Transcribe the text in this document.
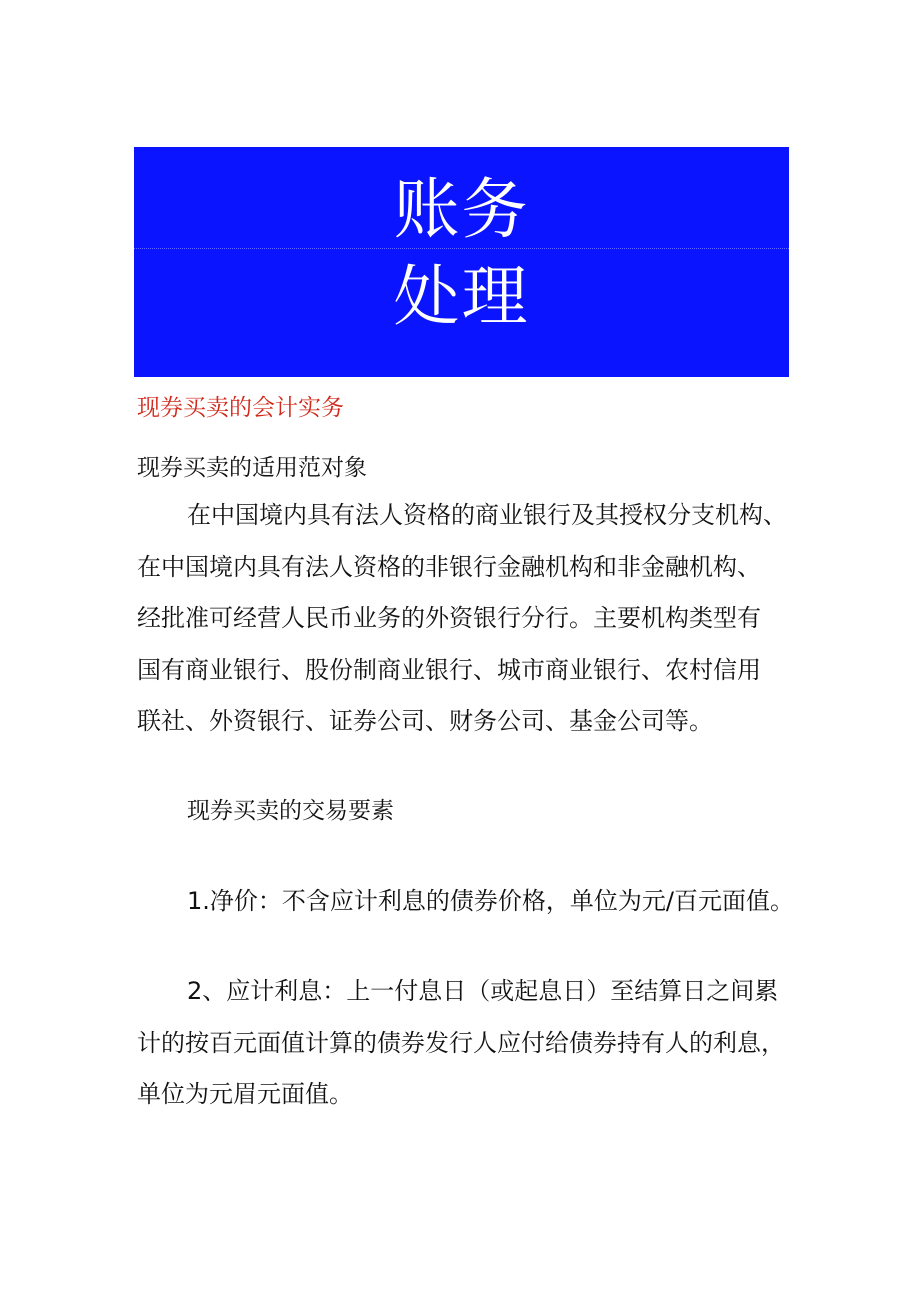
账务
处理
现券买卖的会计实务
现券买卖的适用范对象
在中国境内具有法人资格的商业银行及其授权分支机构、
在中国境内具有法人资格的非银行金融机构和非金融机构、
经批准可经营人民币业务的外资银行分行。主要机构类型有
国有商业银行、股份制商业银行、城市商业银行、农村信用
联社、外资银行、证券公司、财务公司、基金公司等。
现券买卖的交易要素
1.净价：不含应计利息的债券价格，单位为元/百元面值。
2、应计利息：上一付息日（或起息日）至结算日之间累
计的按百元面值计算的债券发行人应付给债券持有人的利息，
单位为元眉元面值。
